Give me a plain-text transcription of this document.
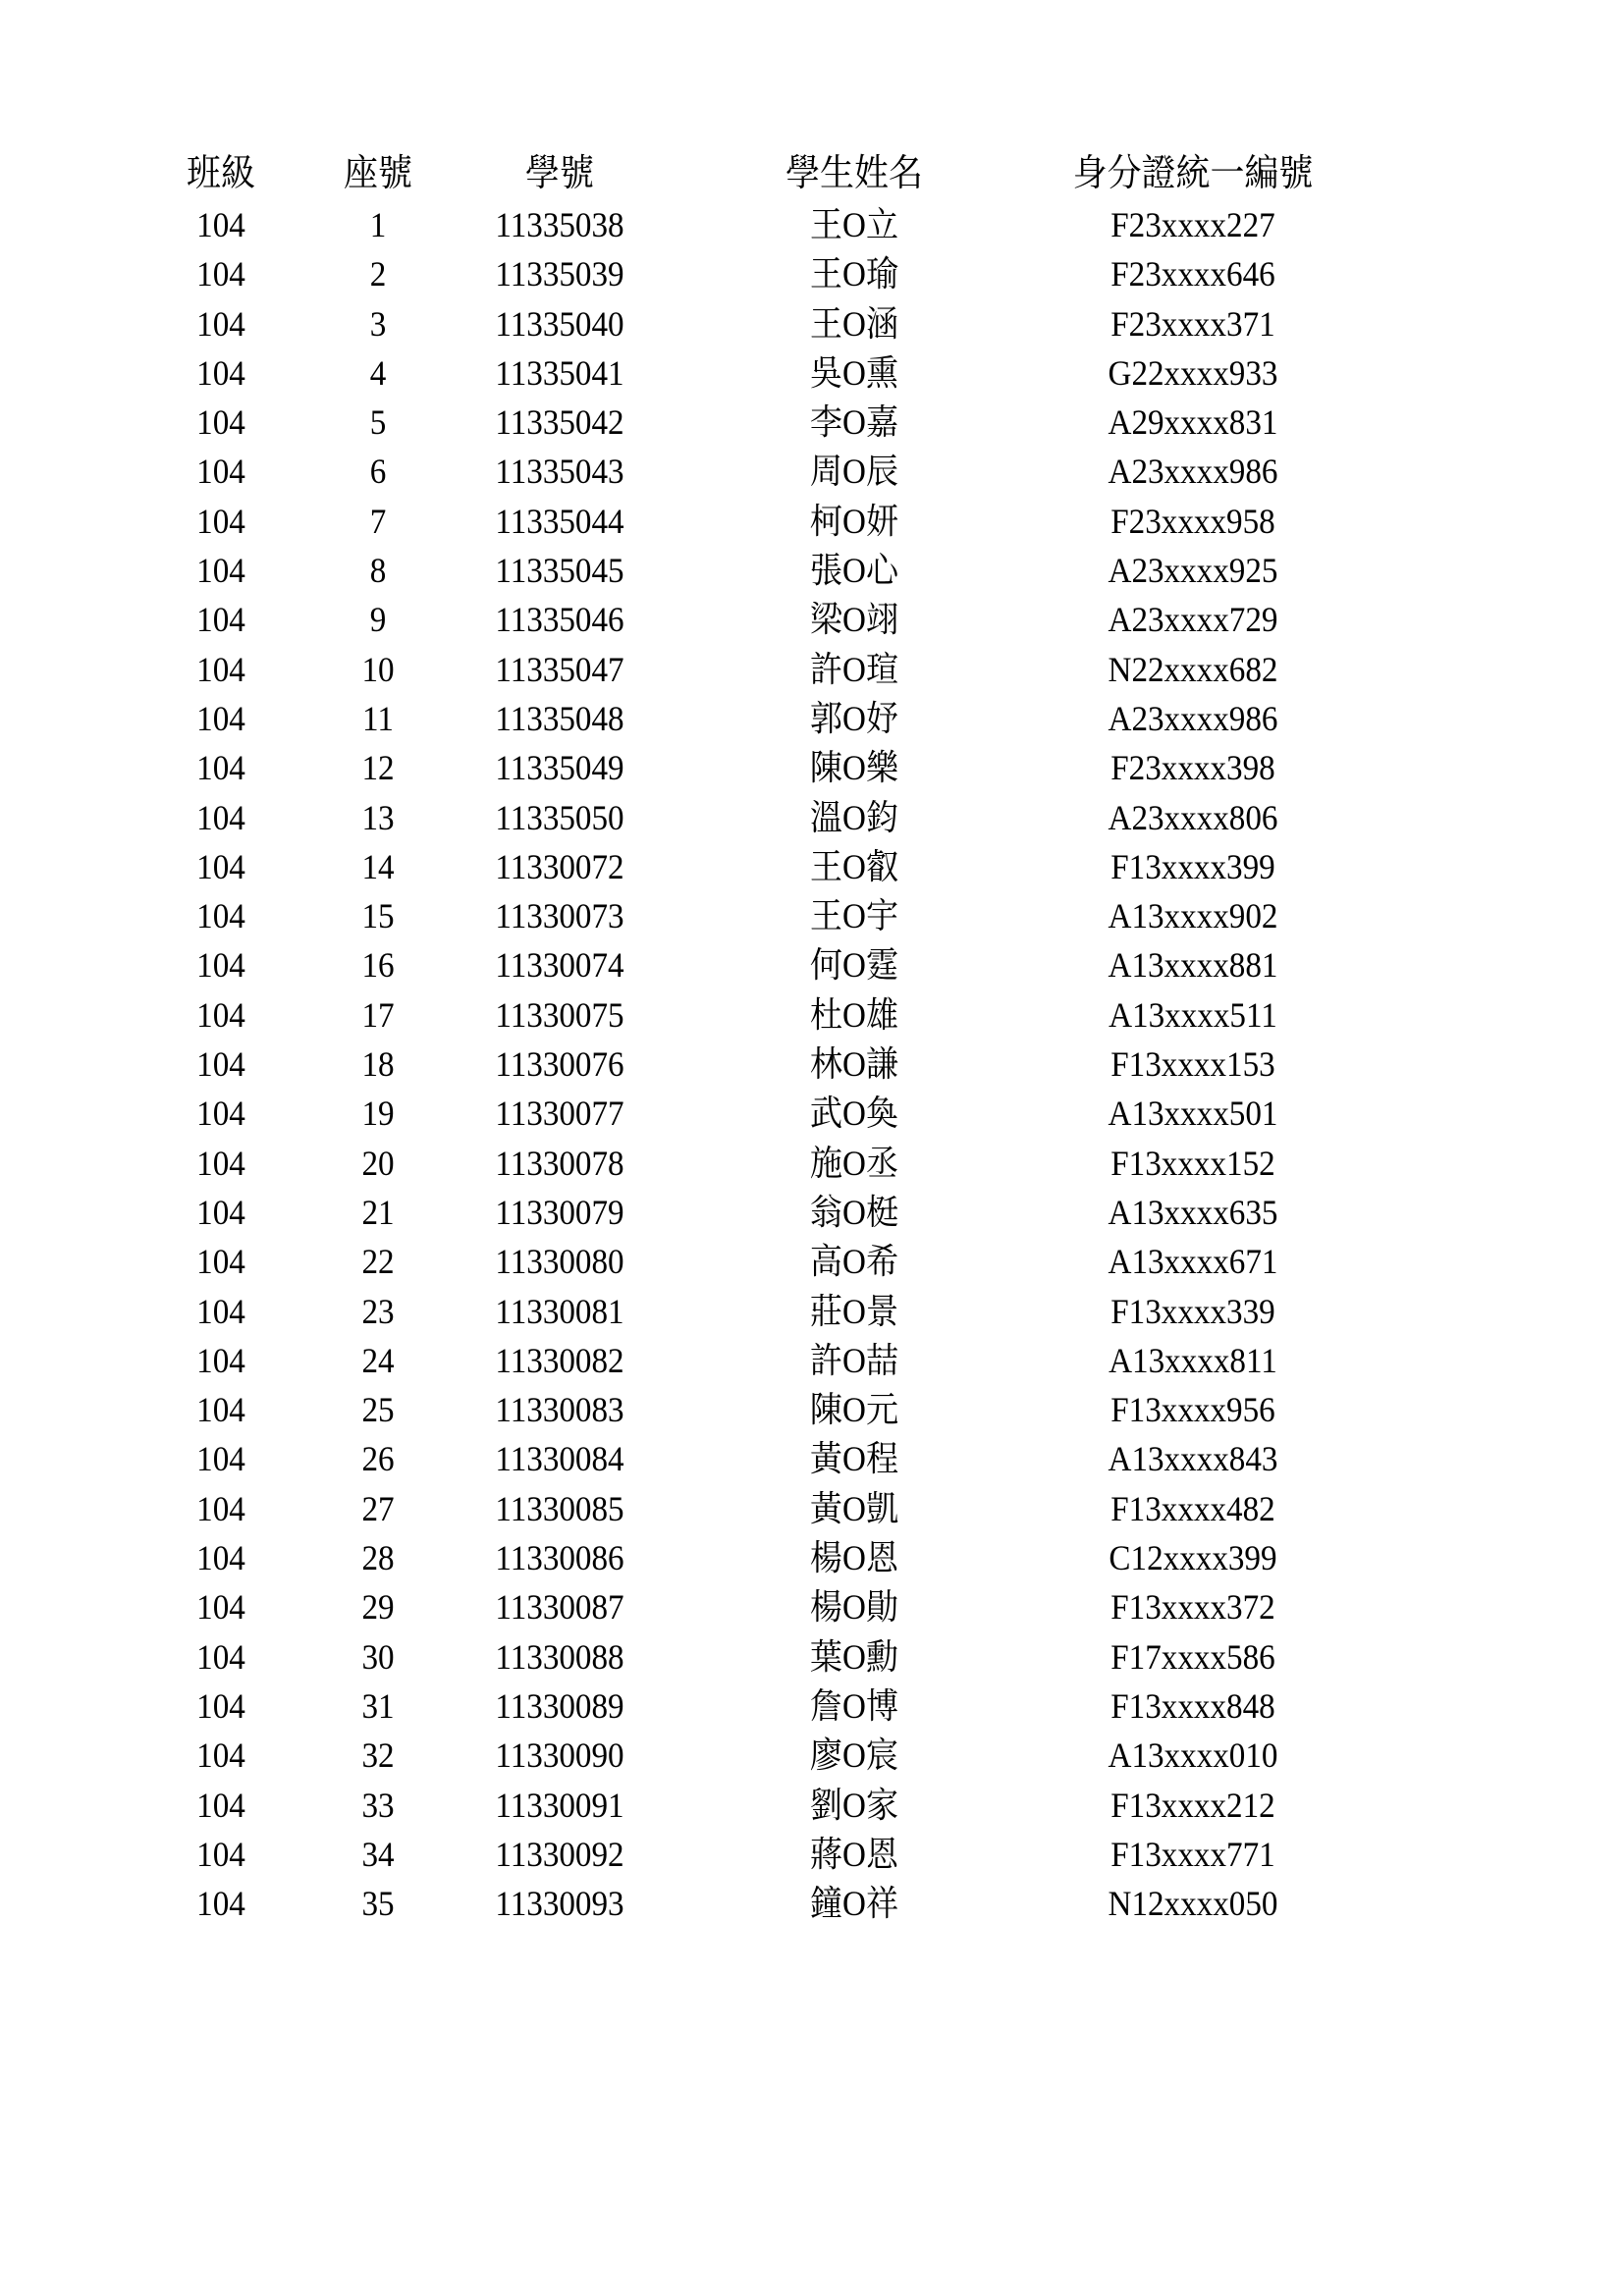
班級	座號	學號	學生姓名	身分證統一編號
104	1	11335038	王O立	F23xxxx227
104	2	11335039	王O瑜	F23xxxx646
104	3	11335040	王O涵	F23xxxx371
104	4	11335041	吳O熏	G22xxxx933
104	5	11335042	李O嘉	A29xxxx831
104	6	11335043	周O辰	A23xxxx986
104	7	11335044	柯O妍	F23xxxx958
104	8	11335045	張O心	A23xxxx925
104	9	11335046	梁O翊	A23xxxx729
104	10	11335047	許O瑄	N22xxxx682
104	11	11335048	郭O妤	A23xxxx986
104	12	11335049	陳O樂	F23xxxx398
104	13	11335050	溫O鈞	A23xxxx806
104	14	11330072	王O叡	F13xxxx399
104	15	11330073	王O宇	A13xxxx902
104	16	11330074	何O霆	A13xxxx881
104	17	11330075	杜O雄	A13xxxx511
104	18	11330076	林O謙	F13xxxx153
104	19	11330077	武O奐	A13xxxx501
104	20	11330078	施O丞	F13xxxx152
104	21	11330079	翁O梃	A13xxxx635
104	22	11330080	高O希	A13xxxx671
104	23	11330081	莊O景	F13xxxx339
104	24	11330082	許O喆	A13xxxx811
104	25	11330083	陳O元	F13xxxx956
104	26	11330084	黃O程	A13xxxx843
104	27	11330085	黃O凱	F13xxxx482
104	28	11330086	楊O恩	C12xxxx399
104	29	11330087	楊O勛	F13xxxx372
104	30	11330088	葉O勳	F17xxxx586
104	31	11330089	詹O博	F13xxxx848
104	32	11330090	廖O宸	A13xxxx010
104	33	11330091	劉O家	F13xxxx212
104	34	11330092	蔣O恩	F13xxxx771
104	35	11330093	鐘O祥	N12xxxx050
